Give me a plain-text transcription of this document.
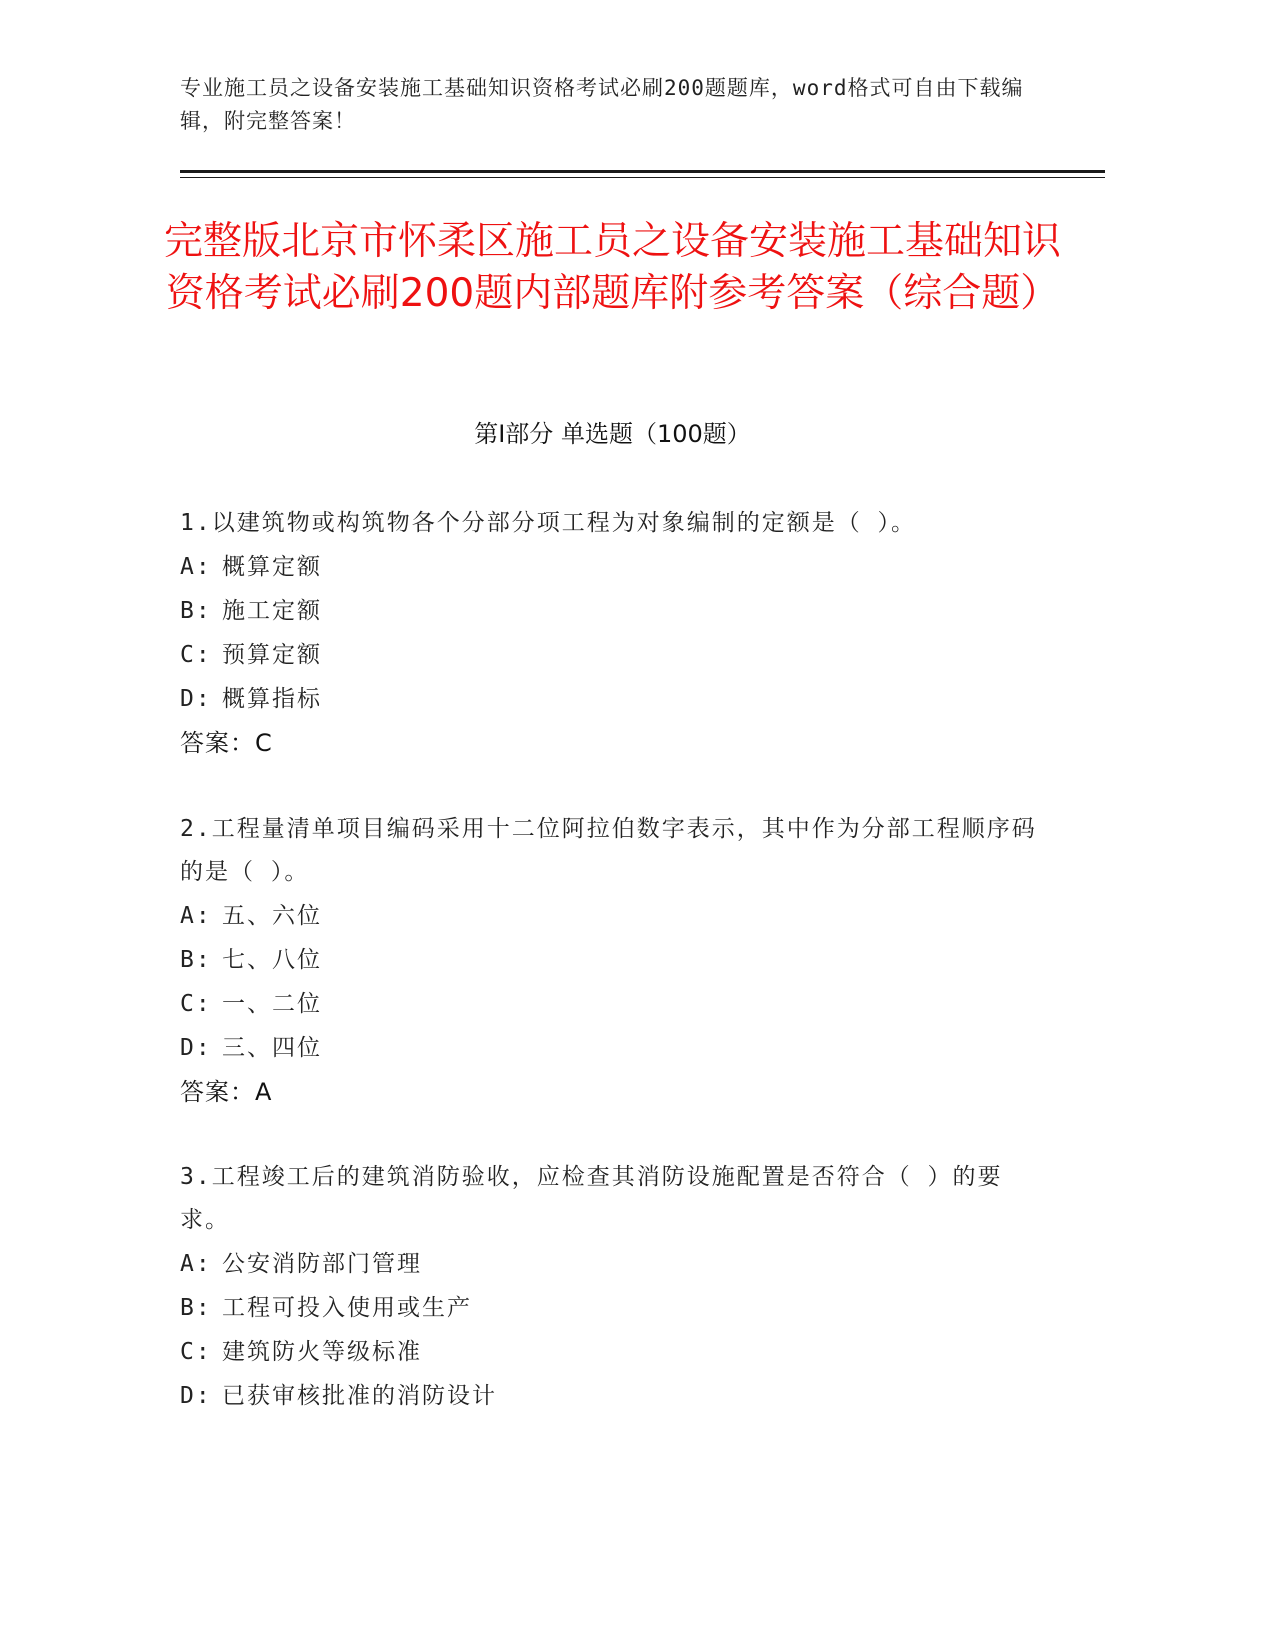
专业施工员之设备安装施工基础知识资格考试必刷200题题库，word格式可自由下载编辑，附完整答案！
完整版北京市怀柔区施工员之设备安装施工基础知识资格考试必刷200题内部题库附参考答案（综合题）
第Ⅰ部分 单选题（100题）

1.以建筑物或构筑物各个分部分项工程为对象编制的定额是（ ）。

A: 概算定额

B: 施工定额

C: 预算定额

D: 概算指标

答案：C

2.工程量清单项目编码采用十二位阿拉伯数字表示，其中作为分部工程顺序码的是（ ）。

A: 五、六位

B: 七、八位

C: 一、二位

D: 三、四位

答案：A

3.工程竣工后的建筑消防验收，应检查其消防设施配置是否符合（ ）的要求。

A: 公安消防部门管理

B: 工程可投入使用或生产

C: 建筑防火等级标准

D: 已获审核批准的消防设计
